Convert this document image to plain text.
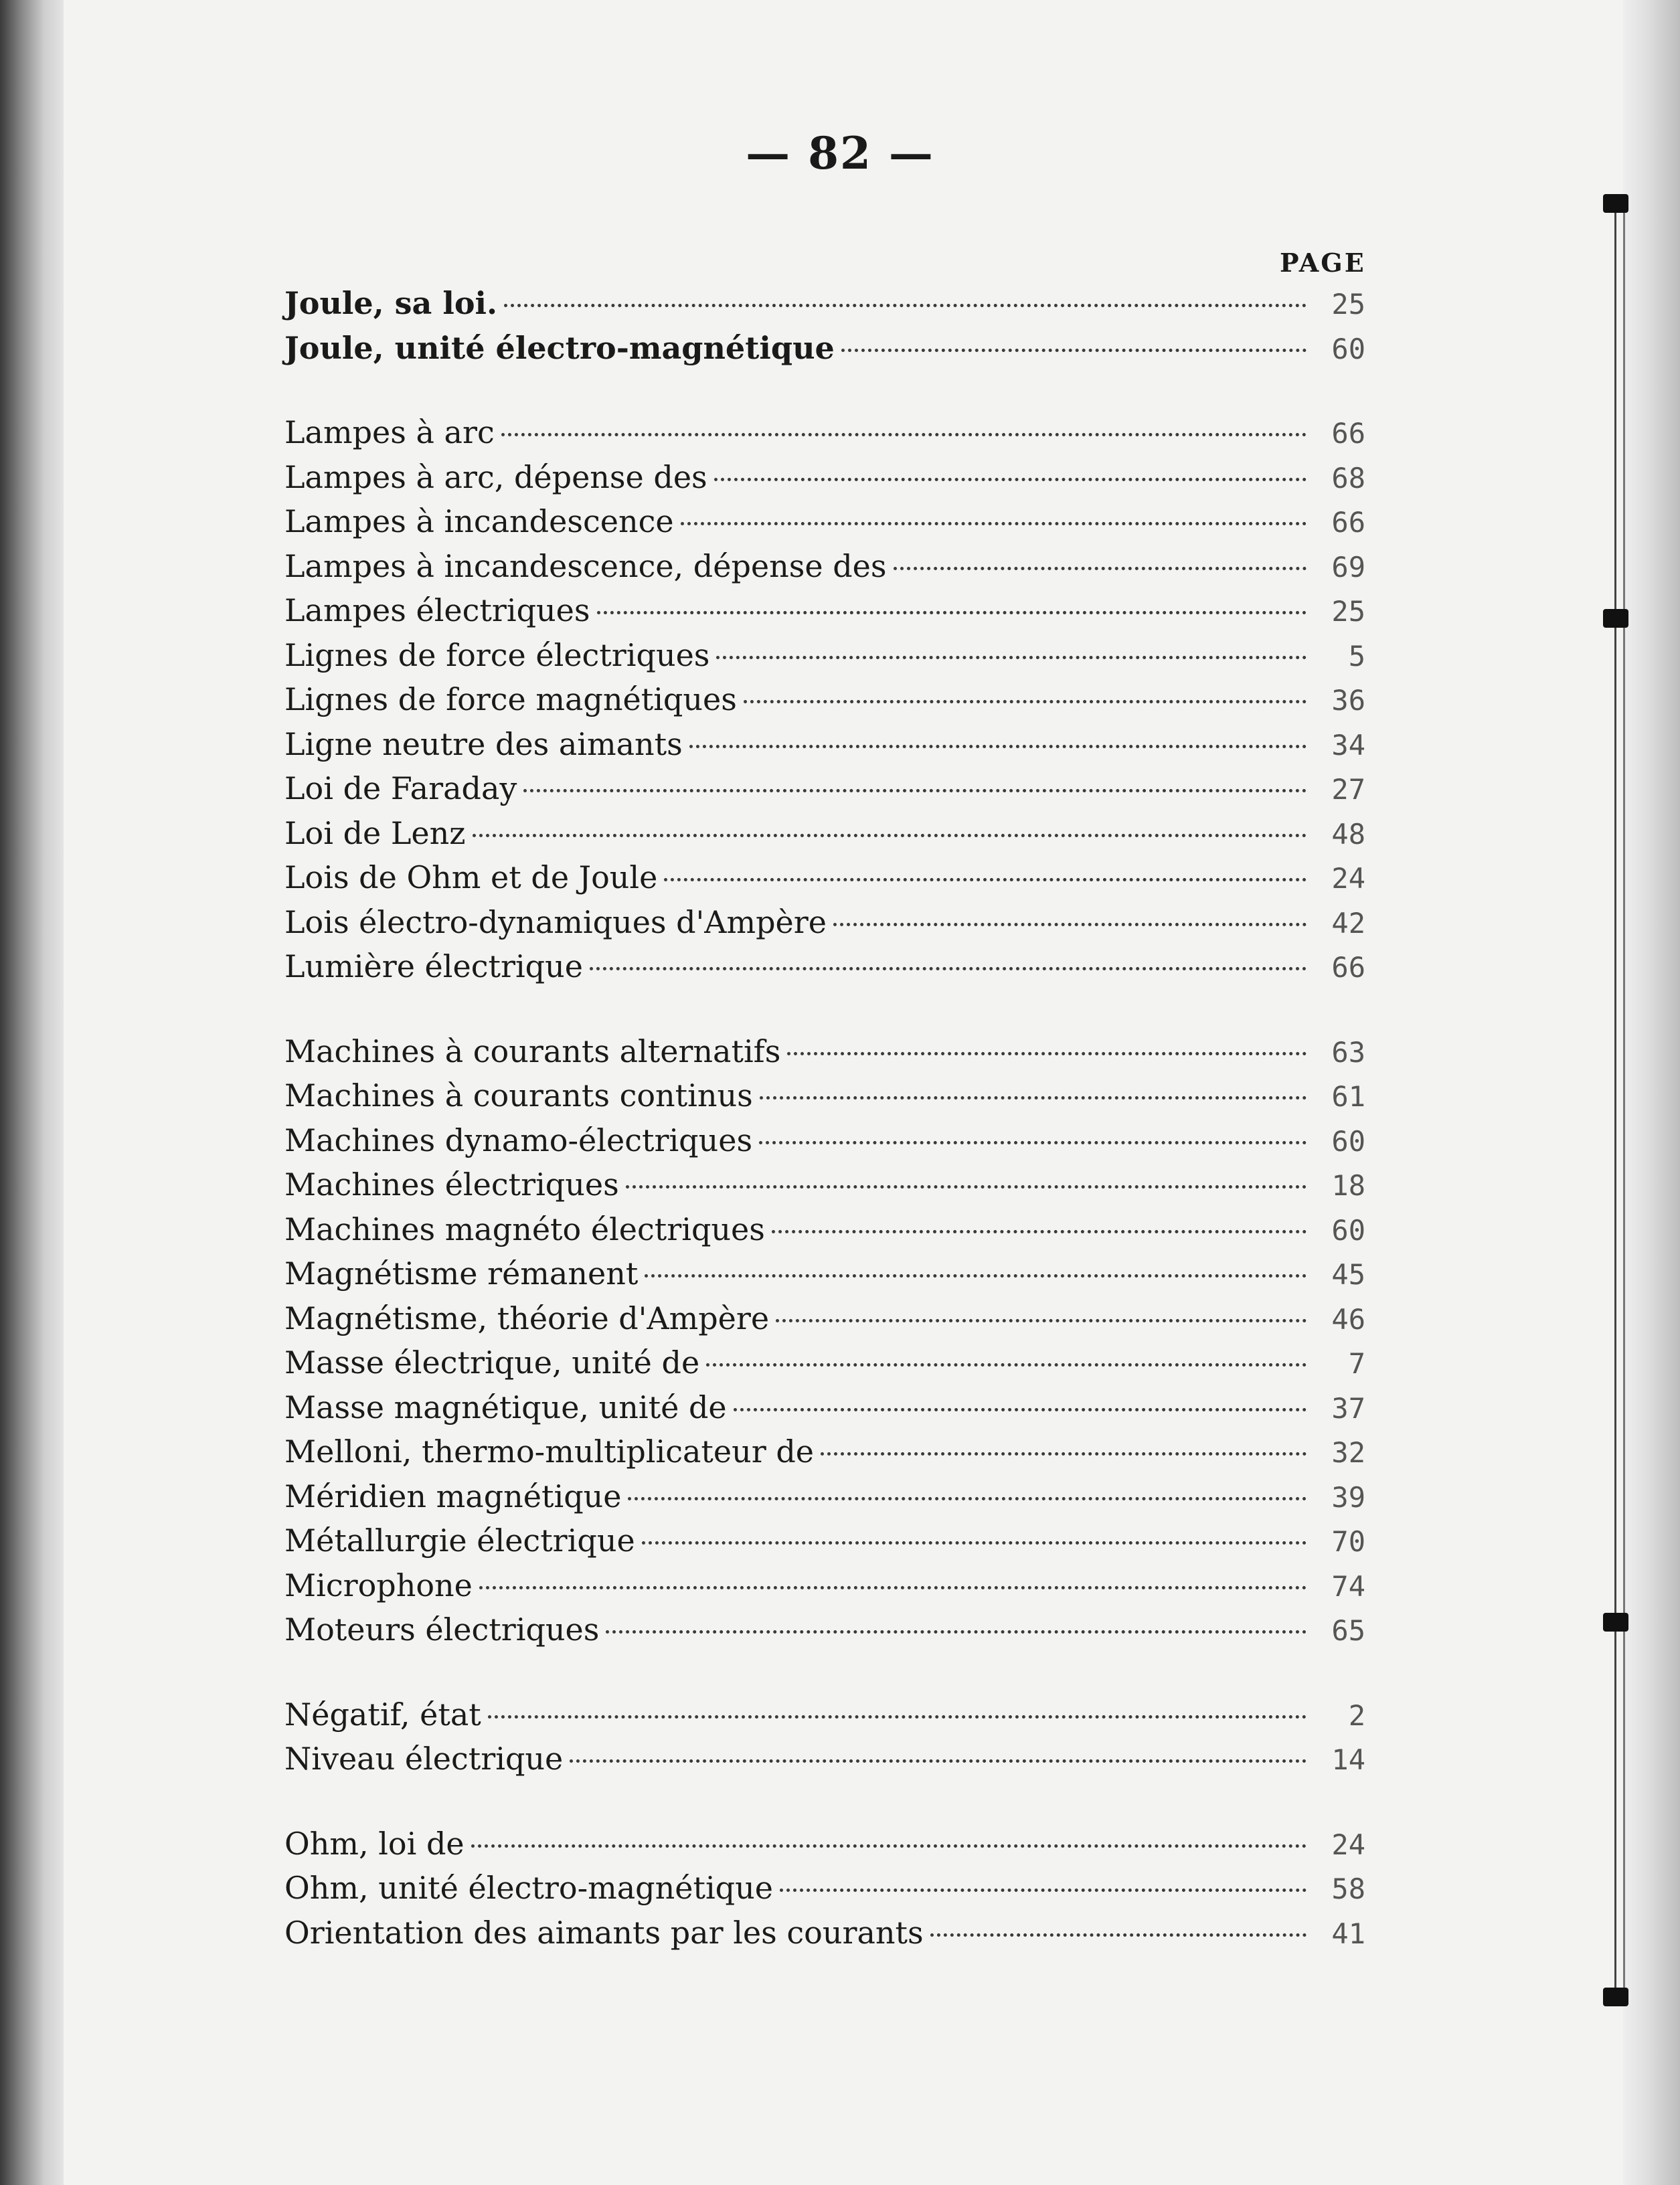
— 82 —
PAGE
Joule, sa loi.	25
Joule, unité électro-magnétique	60
Lampes à arc	66
Lampes à arc, dépense des	68
Lampes à incandescence	66
Lampes à incandescence, dépense des	69
Lampes électriques	25
Lignes de force électriques	5
Lignes de force magnétiques	36
Ligne neutre des aimants	34
Loi de Faraday	27
Loi de Lenz	48
Lois de Ohm et de Joule	24
Lois électro-dynamiques d'Ampère	42
Lumière électrique	66
Machines à courants alternatifs	63
Machines à courants continus	61
Machines dynamo-électriques	60
Machines électriques	18
Machines magnéto électriques	60
Magnétisme rémanent	45
Magnétisme, théorie d'Ampère	46
Masse électrique, unité de	7
Masse magnétique, unité de	37
Melloni, thermo-multiplicateur de	32
Méridien magnétique	39
Métallurgie électrique	70
Microphone	74
Moteurs électriques	65
Négatif, état	2
Niveau électrique	14
Ohm, loi de	24
Ohm, unité électro-magnétique	58
Orientation des aimants par les courants	41
